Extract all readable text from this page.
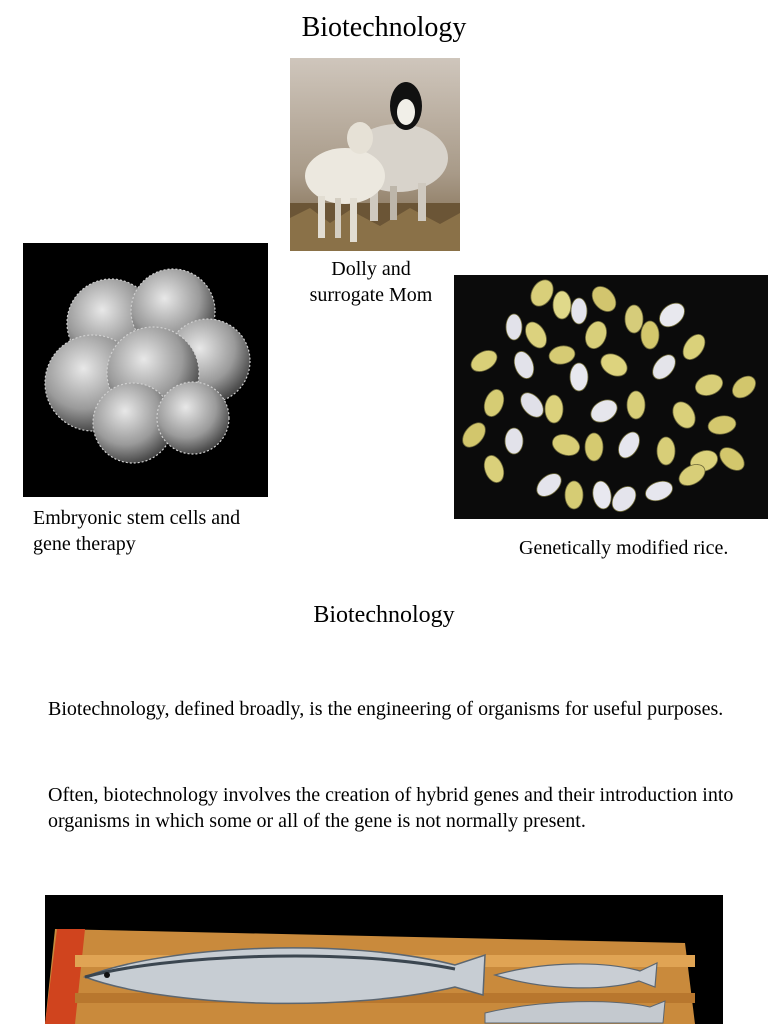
Biotechnology
Dolly and
surrogate Mom
Embryonic stem cells and
gene therapy	Genetically modified rice.
Biotechnology
Biotechnology, defined broadly, is the engineering of organisms for useful purposes.
Often, biotechnology involves the creation of hybrid genes and their introduction into organisms in which some or all of the gene is not normally present.
